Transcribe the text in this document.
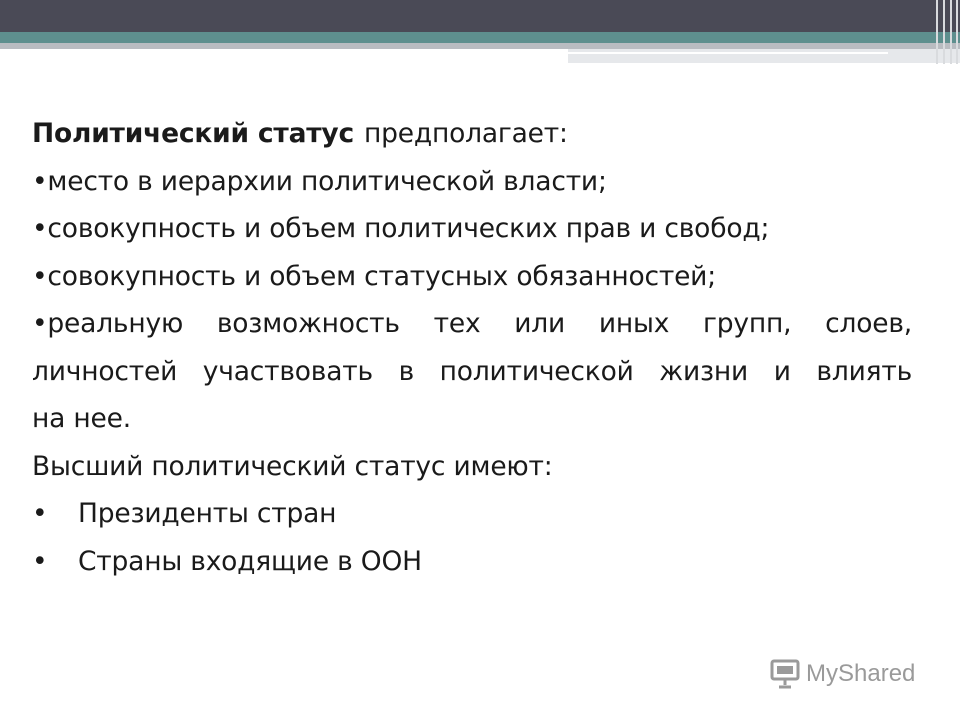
Политический статус предполагает:
•место в иерархии политической власти;
•совокупность и объем политических прав и свобод;
•совокупность и объем статусных обязанностей;
•реальную возможность тех или иных групп, слоев,
личностей участвовать в политической жизни и влиять
на нее.
Высший политический статус имеют:
• Президенты стран
• Страны входящие в ООН
MyShared
